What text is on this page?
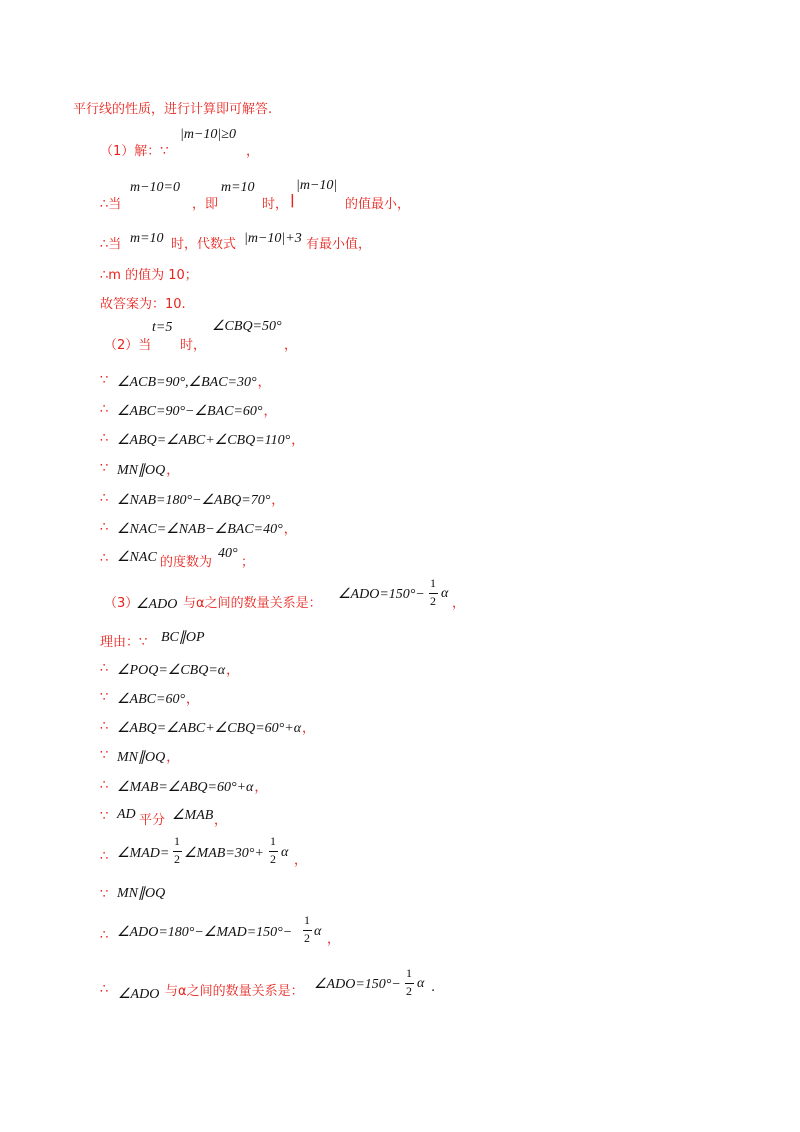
平行线的性质，进行计算即可解答.
（1）解：∵
|m−10|≥0
，
∴当
m−10=0
，即
m=10
时， |
|m−10|
的值最小，
∴当 m=10 时，代数式 |m−10|+3 有最小值，
∴m 的值为 10；
故答案为：10.
（2）当
t=5
时，
∠CBQ=50°
，
∵ ∠ACB=90°,∠BAC=30°，
∴ ∠ABC=90°−∠BAC=60°，
∴ ∠ABQ=∠ABC+∠CBQ=110°，
∵ MN∥OQ，
∴ ∠NAB=180°−∠ABQ=70°，
∴ ∠NAC=∠NAB−∠BAC=40°，
∴ ∠NAC 的度数为
40°
；
（3）
∠ADO 与α之间的数量关系是：
∠ADO=150°−
1
2 α
，
理由：∵ BC∥OP
∴ ∠POQ=∠CBQ=α，
∵ ∠ABC=60°，
∴ ∠ABQ=∠ABC+∠CBQ=60°+α，
∵ MN∥OQ，
∴ ∠MAB=∠ABQ=60°+α，
∵ AD 平分 ∠MAB ，
∴ ∠MAD=
1
2 ∠MAB=30°+
1
2 α
，
∵ MN∥OQ
∴ ∠ADO=180°−∠MAD=150°−
1
2 α
，
∴ ∠ADO 与α之间的数量关系是： ∠ADO=150°−
1
2 α .
